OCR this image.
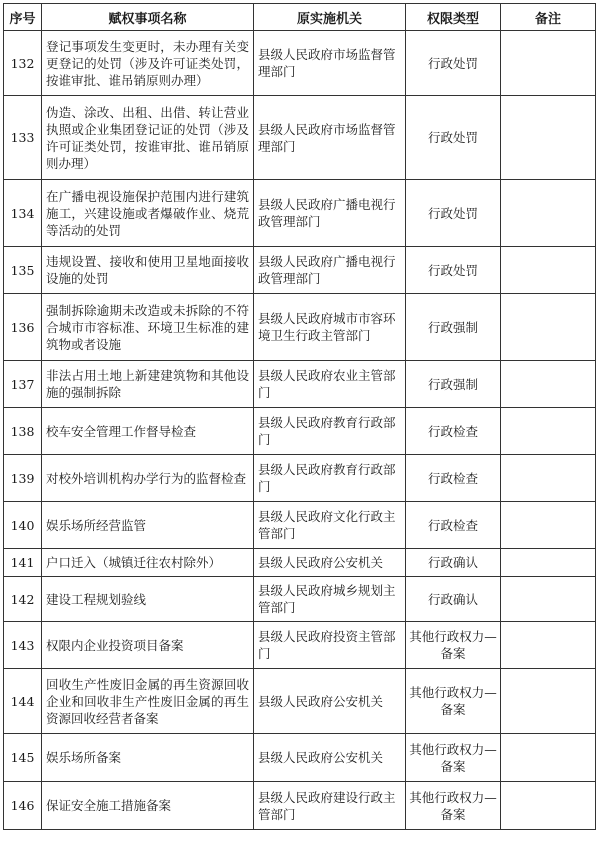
序号	赋权事项名称	原实施机关	权限类型	备注
132	登记事项发生变更时，未办理有关变更登记的处罚（涉及许可证类处罚，按谁审批、谁吊销原则办理）	县级人民政府市场监督管理部门	行政处罚	
133	伪造、涂改、出租、出借、转让营业执照或企业集团登记证的处罚（涉及许可证类处罚，按谁审批、谁吊销原则办理）	县级人民政府市场监督管理部门	行政处罚	
134	在广播电视设施保护范围内进行建筑施工，兴建设施或者爆破作业、烧荒等活动的处罚	县级人民政府广播电视行政管理部门	行政处罚	
135	违规设置、接收和使用卫星地面接收设施的处罚	县级人民政府广播电视行政管理部门	行政处罚	
136	强制拆除逾期未改造或未拆除的不符合城市市容标准、环境卫生标准的建筑物或者设施	县级人民政府城市市容环境卫生行政主管部门	行政强制	
137	非法占用土地上新建建筑物和其他设施的强制拆除	县级人民政府农业主管部门	行政强制	
138	校车安全管理工作督导检查	县级人民政府教育行政部门	行政检查	
139	对校外培训机构办学行为的监督检查	县级人民政府教育行政部门	行政检查	
140	娱乐场所经营监管	县级人民政府文化行政主管部门	行政检查	
141	户口迁入（城镇迁往农村除外）	县级人民政府公安机关	行政确认	
142	建设工程规划验线	县级人民政府城乡规划主管部门	行政确认	
143	权限内企业投资项目备案	县级人民政府投资主管部门	其他行政权力—备案	
144	回收生产性废旧金属的再生资源回收企业和回收非生产性废旧金属的再生资源回收经营者备案	县级人民政府公安机关	其他行政权力—备案	
145	娱乐场所备案	县级人民政府公安机关	其他行政权力—备案	
146	保证安全施工措施备案	县级人民政府建设行政主管部门	其他行政权力—备案	
